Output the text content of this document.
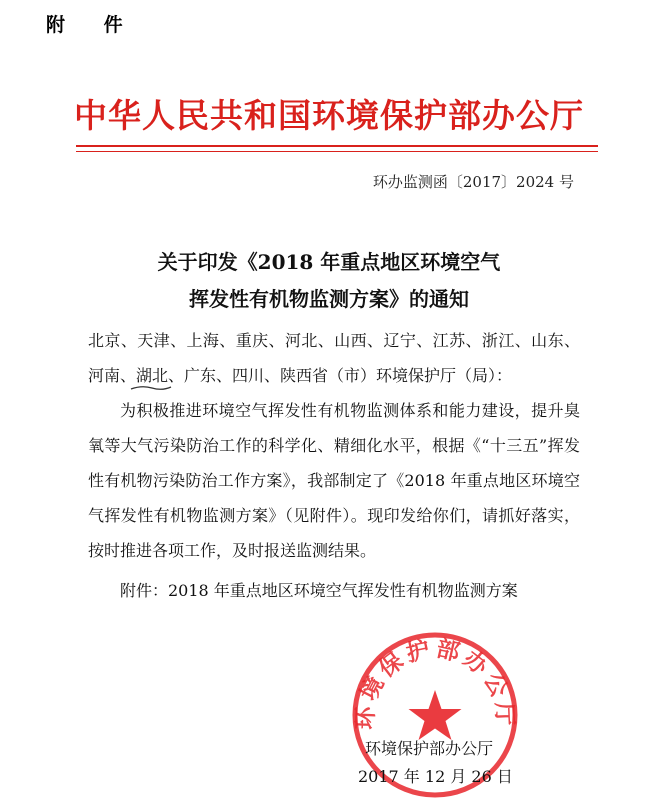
附 件
中华人民共和国环境保护部办公厅
环办监测函〔2017〕2024 号
关于印发《2018 年重点地区环境空气
挥发性有机物监测方案》的通知
北京、天津、上海、重庆、河北、山西、辽宁、江苏、浙江、山东、河南、湖北、广东、四川、陕西省（市）环境保护厅（局）：
为积极推进环境空气挥发性有机物监测体系和能力建设，提升臭氧等大气污染防治工作的科学化、精细化水平，根据《“十三五”挥发性有机物污染防治工作方案》，我部制定了《2018 年重点地区环境空气挥发性有机物监测方案》（见附件）。现印发给你们，请抓好落实，按时推进各项工作，及时报送监测结果。
附件：2018 年重点地区环境空气挥发性有机物监测方案
环境保护部办公厅
环境保护部办公厅
2017 年 12 月 26 日
